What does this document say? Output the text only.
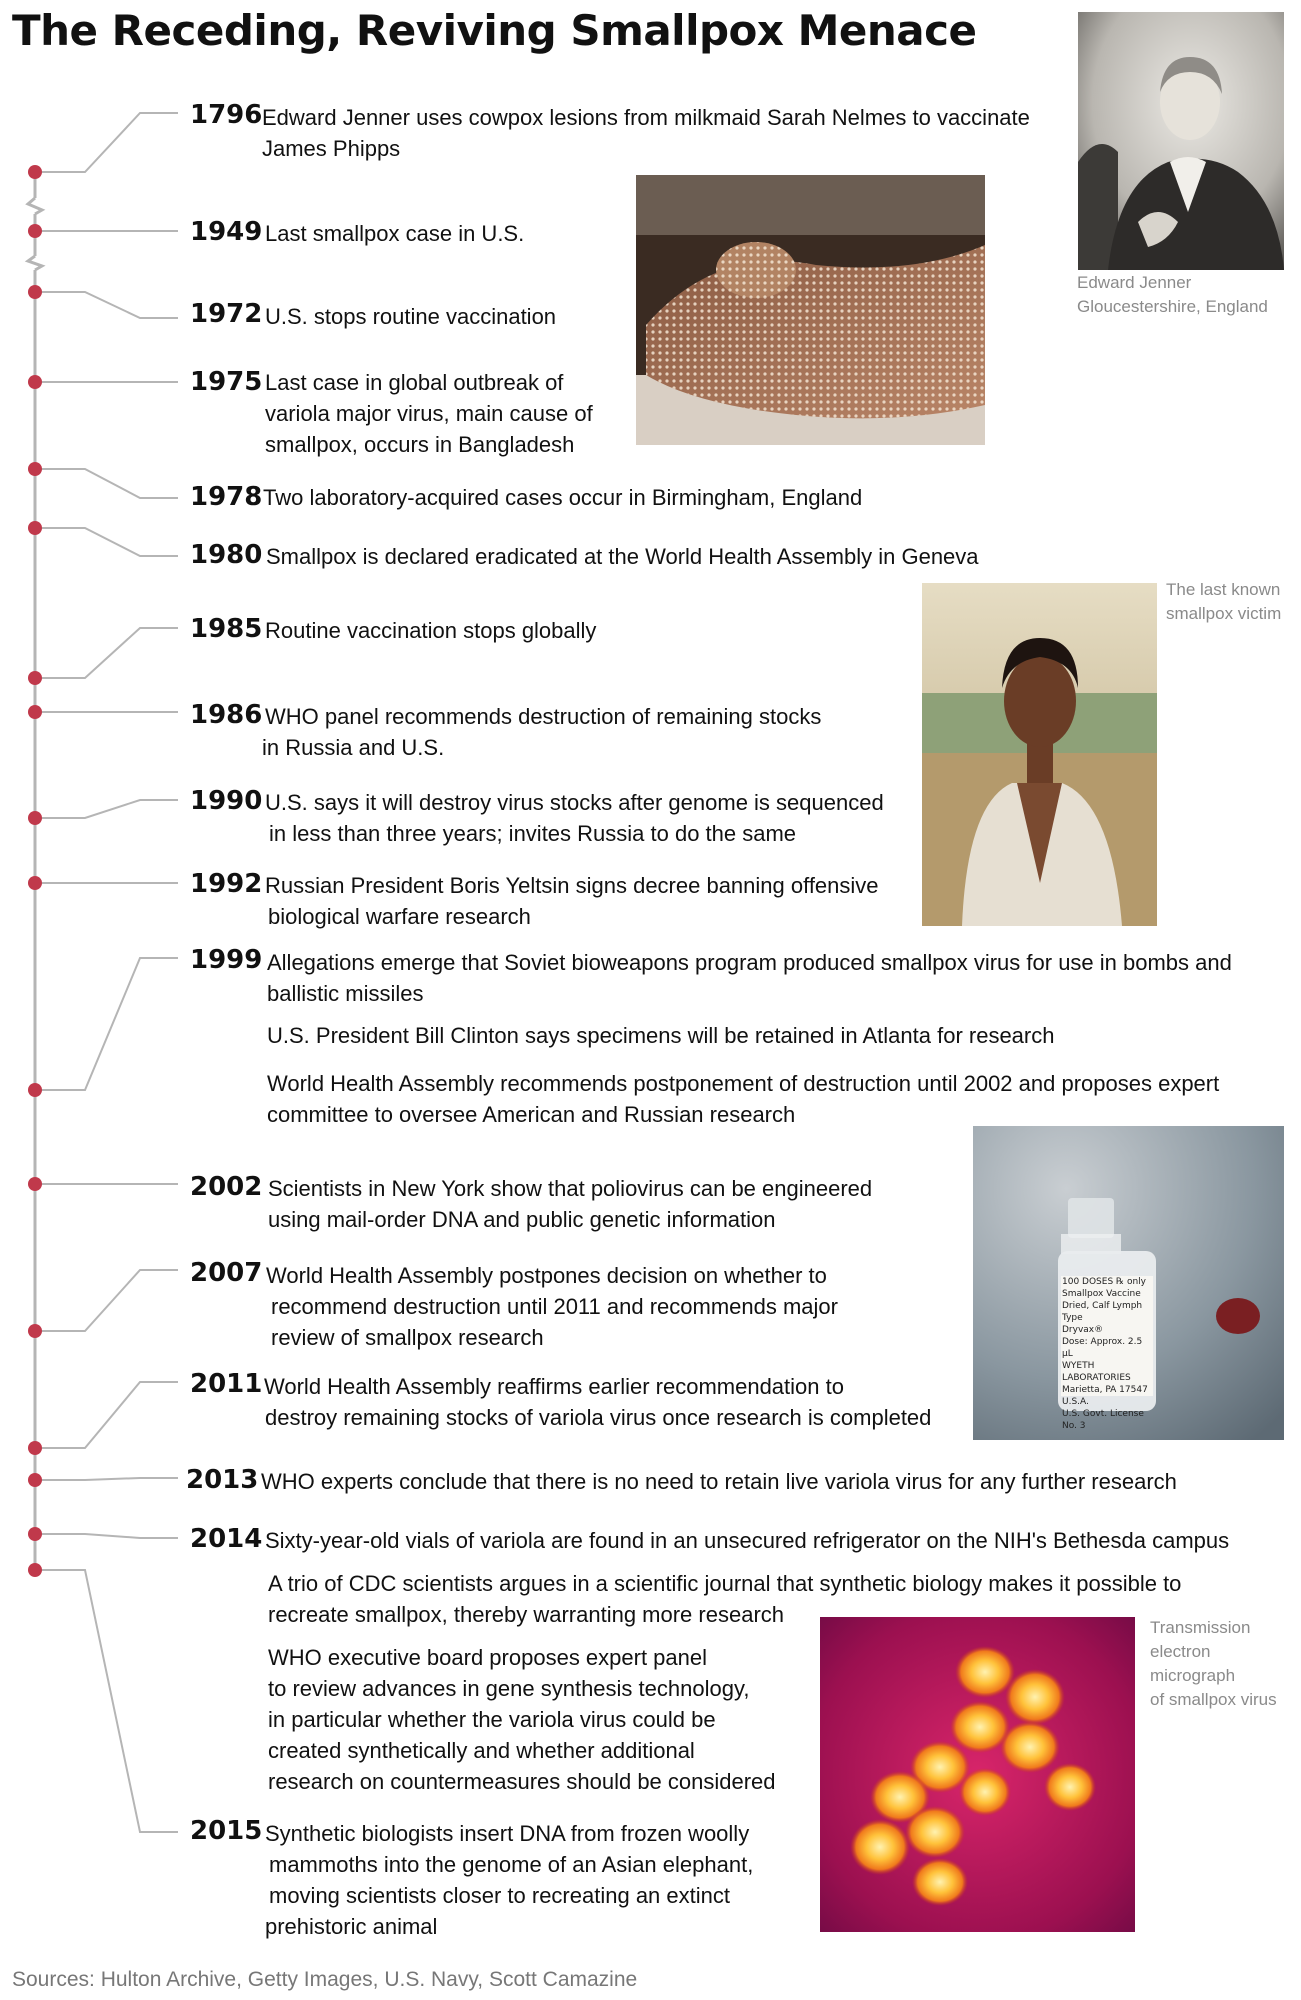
The Receding, Reviving Smallpox Menace
1796 Edward Jenner uses cowpox lesions from milkmaid Sarah Nelmes to vaccinate
James Phipps
1949 Last smallpox case in U.S.
1972 U.S. stops routine vaccination
1975 Last case in global outbreak of
variola major virus, main cause of
smallpox, occurs in Bangladesh
1978 Two laboratory-acquired cases occur in Birmingham, England
1980 Smallpox is declared eradicated at the World Health Assembly in Geneva
1985 Routine vaccination stops globally
1986 WHO panel recommends destruction of remaining stocks
in Russia and U.S.
1990 U.S. says it will destroy virus stocks after genome is sequenced
in less than three years; invites Russia to do the same
1992 Russian President Boris Yeltsin signs decree banning offensive
biological warfare research
1999 Allegations emerge that Soviet bioweapons program produced smallpox virus for use in bombs and
ballistic missiles
U.S. President Bill Clinton says specimens will be retained in Atlanta for research
World Health Assembly recommends postponement of destruction until 2002 and proposes expert
committee to oversee American and Russian research
2002 Scientists in New York show that poliovirus can be engineered
using mail-order DNA and public genetic information
2007 World Health Assembly postpones decision on whether to
recommend destruction until 2011 and recommends major
review of smallpox research
2011 World Health Assembly reaffirms earlier recommendation to
destroy remaining stocks of variola virus once research is completed
2013 WHO experts conclude that there is no need to retain live variola virus for any further research
2014 Sixty-year-old vials of variola are found in an unsecured refrigerator on the NIH's Bethesda campus
A trio of CDC scientists argues in a scientific journal that synthetic biology makes it possible to
recreate smallpox, thereby warranting more research
WHO executive board proposes expert panel
to review advances in gene synthesis technology,
in particular whether the variola virus could be
created synthetically and whether additional
research on countermeasures should be considered
2015 Synthetic biologists insert DNA from frozen woolly
mammoths into the genome of an Asian elephant,
moving scientists closer to recreating an extinct
prehistoric animal
Edward Jenner
Gloucestershire, England
The last known
smallpox victim
100 DOSES ℞ only
Smallpox Vaccine
Dried, Calf Lymph Type
Dryvax®
Dose: Approx. 2.5 µL
WYETH LABORATORIES
Marietta, PA 17547 U.S.A.
U.S. Govt. License No. 3
Transmission
electron
micrograph
of smallpox virus
Sources: Hulton Archive, Getty Images, U.S. Navy, Scott Camazine
